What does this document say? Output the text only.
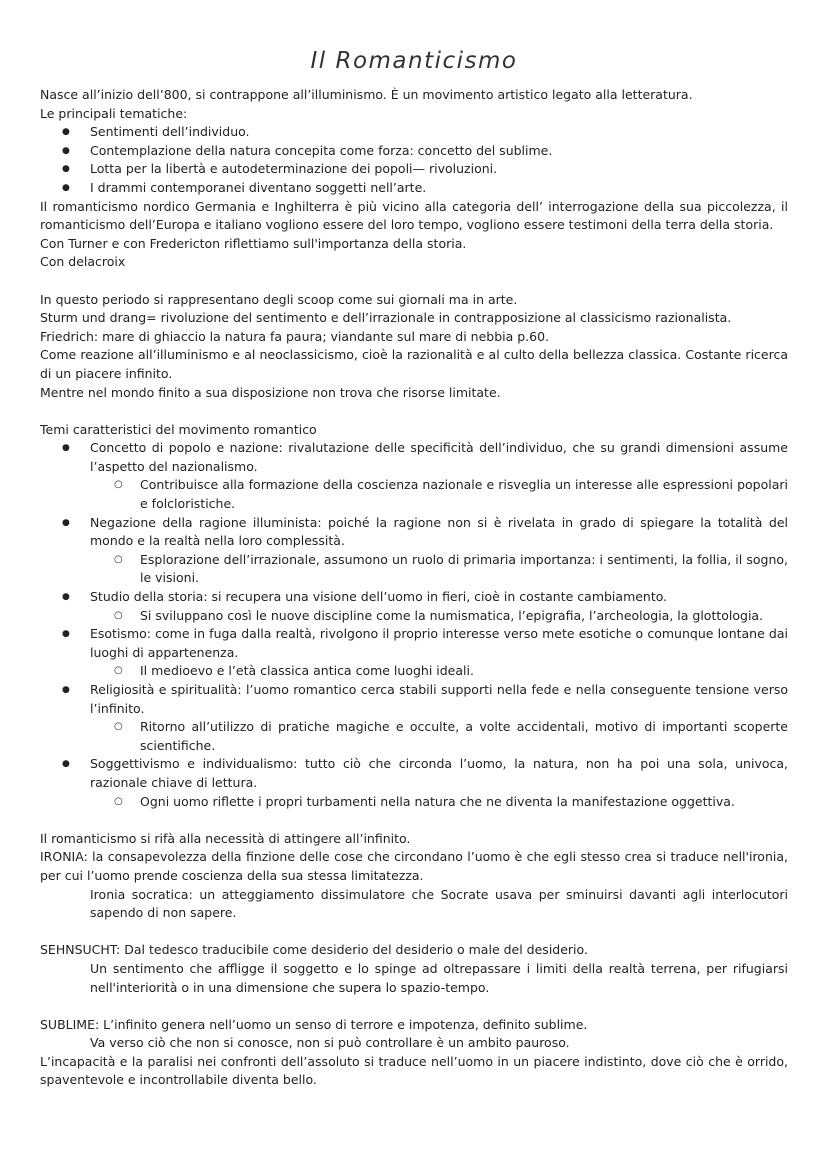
Il Romanticismo

Nasce all’inizio dell’800, si contrappone all’illuminismo. È un movimento artistico legato alla letteratura.

Le principali tematiche:

● Sentimenti dell’individuo.
● Contemplazione della natura concepita come forza: concetto del sublime.
● Lotta per la libertà e autodeterminazione dei popoli— rivoluzioni.
● I drammi contemporanei diventano soggetti nell’arte.

Il romanticismo nordico Germania e Inghilterra è più vicino alla categoria dell’ interrogazione della sua piccolezza, il romanticismo dell’Europa e italiano vogliono essere del loro tempo, vogliono essere testimoni della terra della storia.

Con Turner e con Fredericton riflettiamo sull'importanza della storia.

Con delacroix

In questo periodo si rappresentano degli scoop come sui giornali ma in arte.

Sturm und drang= rivoluzione del sentimento e dell’irrazionale in contrapposizione al classicismo razionalista.

Friedrich: mare di ghiaccio la natura fa paura; viandante sul mare di nebbia p.60.

Come reazione all’illuminismo e al neoclassicismo, cioè la razionalità e al culto della bellezza classica. Costante ricerca di un piacere infinito.

Mentre nel mondo finito a sua disposizione non trova che risorse limitate.

Temi caratteristici del movimento romantico

● Concetto di popolo e nazione: rivalutazione delle specificità dell’individuo, che su grandi dimensioni assume l’aspetto del nazionalismo.
○ Contribuisce alla formazione della coscienza nazionale e risveglia un interesse alle espressioni popolari e folcloristiche.
● Negazione della ragione illuminista: poiché la ragione non si è rivelata in grado di spiegare la totalità del mondo e la realtà nella loro complessità.
○ Esplorazione dell’irrazionale, assumono un ruolo di primaria importanza: i sentimenti, la follia, il sogno, le visioni.
● Studio della storia: si recupera una visione dell’uomo in fieri, cioè in costante cambiamento.
○ Si sviluppano così le nuove discipline come la numismatica, l’epigrafia, l’archeologia, la glottologia.
● Esotismo: come in fuga dalla realtà, rivolgono il proprio interesse verso mete esotiche o comunque lontane dai luoghi di appartenenza.
○ Il medioevo e l’età classica antica come luoghi ideali.
● Religiosità e spiritualità: l’uomo romantico cerca stabili supporti nella fede e nella conseguente tensione verso l’infinito.
○ Ritorno all’utilizzo di pratiche magiche e occulte, a volte accidentali, motivo di importanti scoperte scientifiche.
● Soggettivismo e individualismo: tutto ciò che circonda l’uomo, la natura, non ha poi una sola, univoca, razionale chiave di lettura.
○ Ogni uomo riflette i propri turbamenti nella natura che ne diventa la manifestazione oggettiva.

Il romanticismo si rifà alla necessità di attingere all’infinito.

IRONIA: la consapevolezza della finzione delle cose che circondano l’uomo è che egli stesso crea si traduce nell'ironia, per cui l’uomo prende coscienza della sua stessa limitatezza.

Ironia socratica: un atteggiamento dissimulatore che Socrate usava per sminuirsi davanti agli interlocutori sapendo di non sapere.

SEHNSUCHT: Dal tedesco traducibile come desiderio del desiderio o male del desiderio.

Un sentimento che affligge il soggetto e lo spinge ad oltrepassare i limiti della realtà terrena, per rifugiarsi nell'interiorità o in una dimensione che supera lo spazio-tempo.

SUBLIME: L’infinito genera nell’uomo un senso di terrore e impotenza, definito sublime.

Va verso ciò che non si conosce, non si può controllare è un ambito pauroso.

L’incapacità e la paralisi nei confronti dell’assoluto si traduce nell’uomo in un piacere indistinto, dove ciò che è orrido, spaventevole e incontrollabile diventa bello.
